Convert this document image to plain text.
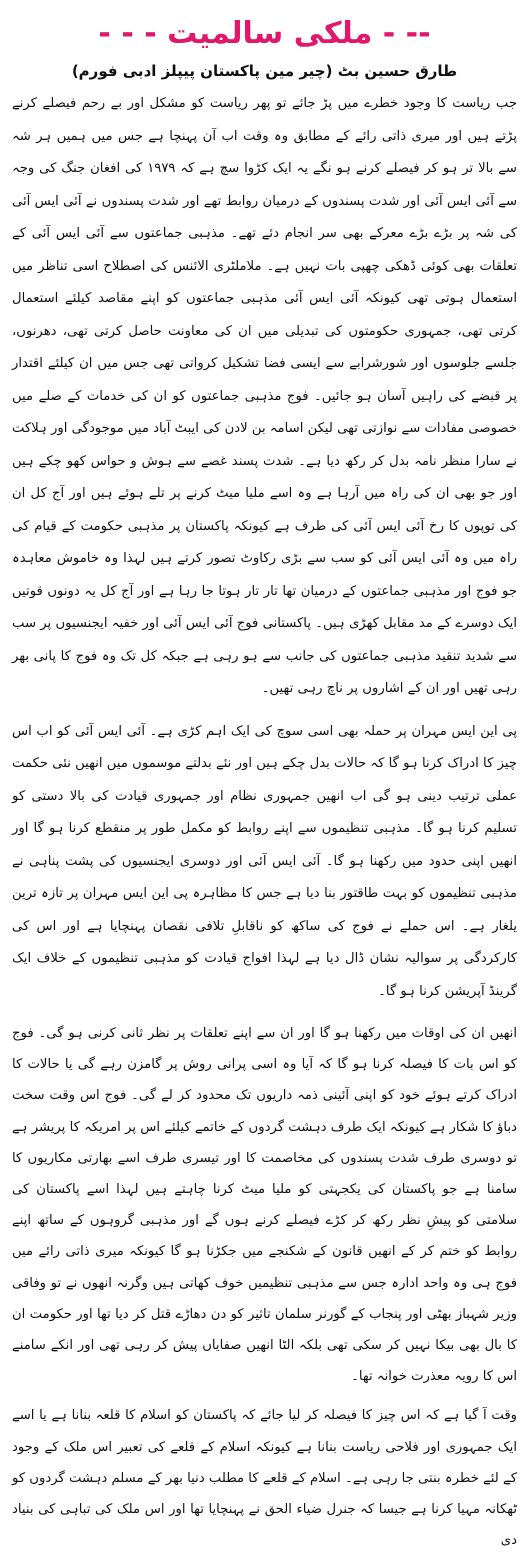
-- - ملکی سالمیت - - -
طارق حسین بٹ (چیر مین پاکستان پیپلز ادبی فورم)

جب ریاست کا وجود خطرے میں پڑ جائے تو پھر ریاست کو مشکل اور بے رحم فیصلے کرنے پڑتے ہیں اور میری ذاتی رائے کے مطابق وہ وقت اب آن پہنچا ہے جس میں ہمیں ہر شہ سے بالا تر ہو کر فیصلے کرنے ہو نگے یہ ایک کڑوا سچ ہے کہ ۱۹۷۹ کی افغان جنگ کی وجہ سے آئی ایس آئی اور شدت پسندوں کے درمیان روابط تھے اور شدت پسندوں نے آئی ایس آئی کی شہ پر بڑے بڑے معرکے بھی سر انجام دئے تھے۔ مذہبی جماعتوں سے آئی ایس آئی کے تعلقات بھی کوئی ڈھکی چھپی بات نہیں ہے۔ ملاملٹری الائنس کی اصطلاح اسی تناظر میں استعمال ہوتی تھی کیونکہ آئی ایس آئی مذہبی جماعتوں کو اپنے مقاصد کیلئے استعمال کرتی تھی، جمہوری حکومتوں کی تبدیلی میں ان کی معاونت حاصل کرتی تھی، دھرنوں، جلسے جلوسوں اور شورشرابے سے ایسی فضا تشکیل کرواتی تھی جس میں ان کیلئے اقتدار پر قبضے کی راہیں آسان ہو جائیں۔ فوج مذہبی جماعتوں کو ان کی خدمات کے صلے میں خصوصی مفادات سے نوازتی تھی لیکن اسامہ بن لادن کی ایبٹ آباد میں موجودگی اور ہلاکت نے سارا منظر نامہ بدل کر رکھ دیا ہے۔ شدت پسند غصے سے ہوش و حواس کھو چکے ہیں اور جو بھی ان کی راہ میں آرہا ہے وہ اسے ملیا میٹ کرنے پر تلے ہوئے ہیں اور آج کل ان کی توپوں کا رخ آئی ایس آئی کی طرف ہے کیونکہ پاکستان پر مذہبی حکومت کے قیام کی راہ میں وہ آئی ایس آئی کو سب سے بڑی رکاوٹ تصور کرتے ہیں لہذا وہ خاموش معاہدہ جو فوج اور مذہبی جماعتوں کے درمیان تھا تار تار ہوتا جا رہا ہے اور آج کل یہ دونوں قوتیں ایک دوسرے کے مد مقابل کھڑی ہیں۔ پاکستانی فوج آئی ایس آئی اور خفیہ ایجنسیوں پر سب سے شدید تنقید مذہبی جماعتوں کی جانب سے ہو رہی ہے جبکہ کل تک وہ فوج کا پانی بھر رہی تھیں اور ان کے اشاروں پر ناچ رہی تھیں۔

پی این ایس مہران پر حملہ بھی اسی سوچ کی ایک اہم کڑی ہے۔ آئی ایس آئی کو اب اس چیز کا ادراک کرنا ہو گا کہ حالات بدل چکے ہیں اور نئے بدلتے موسموں میں انھیں نئی حکمت عملی ترتیب دینی ہو گی اب انھیں جمہوری نظام اور جمہوری قیادت کی بالا دستی کو تسلیم کرنا ہو گا۔ مذہبی تنظیموں سے اپنے روابط کو مکمل طور پر منقطع کرنا ہو گا اور انھیں اپنی حدود میں رکھنا ہو گا۔ آئی ایس آئی اور دوسری ایجنسیوں کی پشت پناہی نے مذہبی تنظیموں کو بہت طاقتور بنا دیا ہے جس کا مظاہرہ پی این ایس مہران پر تازہ ترین یلغار ہے۔ اس حملے نے فوج کی ساکھ کو ناقابلِ تلافی نقصان پہنچایا ہے اور اس کی کارکردگی پر سوالیہ نشان ڈال دیا ہے لہذا افواج قیادت کو مذہبی تنظیموں کے خلاف ایک گرینڈ آپریشن کرنا ہو گا۔

انھیں ان کی اوقات میں رکھنا ہو گا اور ان سے اپنے تعلقات پر نظر ثانی کرنی ہو گی۔ فوج کو اس بات کا فیصلہ کرنا ہو گا کہ آیا وہ اسی پرانی روش پر گامزن رہے گی یا حالات کا ادراک کرتے ہوئے خود کو اپنی آئینی ذمہ داریوں تک محدود کر لے گی۔ فوج اس وقت سخت دباؤ کا شکار ہے کیونکہ ایک طرف دہشت گردوں کے خاتمے کیلئے اس پر امریکہ کا پریشر ہے تو دوسری طرف شدت پسندوں کی مخاصمت کا اور تیسری طرف اسے بھارتی مکاریوں کا سامنا ہے جو پاکستان کی یکجہتی کو ملیا میٹ کرنا چاہتے ہیں لہذا اسے پاکستان کی سلامتی کو پیشِ نظر رکھ کر کڑے فیصلے کرنے ہوں گے اور مذہبی گروہوں کے ساتھ اپنے روابط کو ختم کر کے انھیں قانون کے شکنجے میں جکڑنا ہو گا کیونکہ میری ذاتی رائے میں فوج ہی وہ واحد ادارہ جس سے مذہبی تنظیمیں خوف کھاتی ہیں وگرنہ انھوں نے تو وفاقی وزیر شہباز بھٹی اور پنجاب کے گورنر سلمان تاثیر کو دن دھاڑے قتل کر دیا تھا اور حکومت ان کا بال بھی بیکا نہیں کر سکی تھی بلکہ الٹا انھیں صفایاں پیش کر رہی تھی اور انکے سامنے اس کا رویہ معذرت خوانہ تھا۔

وقت آ گیا ہے کہ اس چیز کا فیصلہ کر لیا جائے کہ پاکستان کو اسلام کا قلعہ بنانا ہے یا اسے ایک جمہوری اور فلاحی ریاست بنانا ہے کیونکہ اسلام کے قلعے کی تعبیر اس ملک کے وجود کے لئے خطرہ بنتی جا رہی ہے۔ اسلام کے قلعے کا مطلب دنیا بھر کے مسلم دہشت گردوں کو ٹھکانہ مہیا کرنا ہے جیسا کہ جنرل ضیاء الحق نے پہنچایا تھا اور اس ملک کی تباہی کی بنیاد دی
